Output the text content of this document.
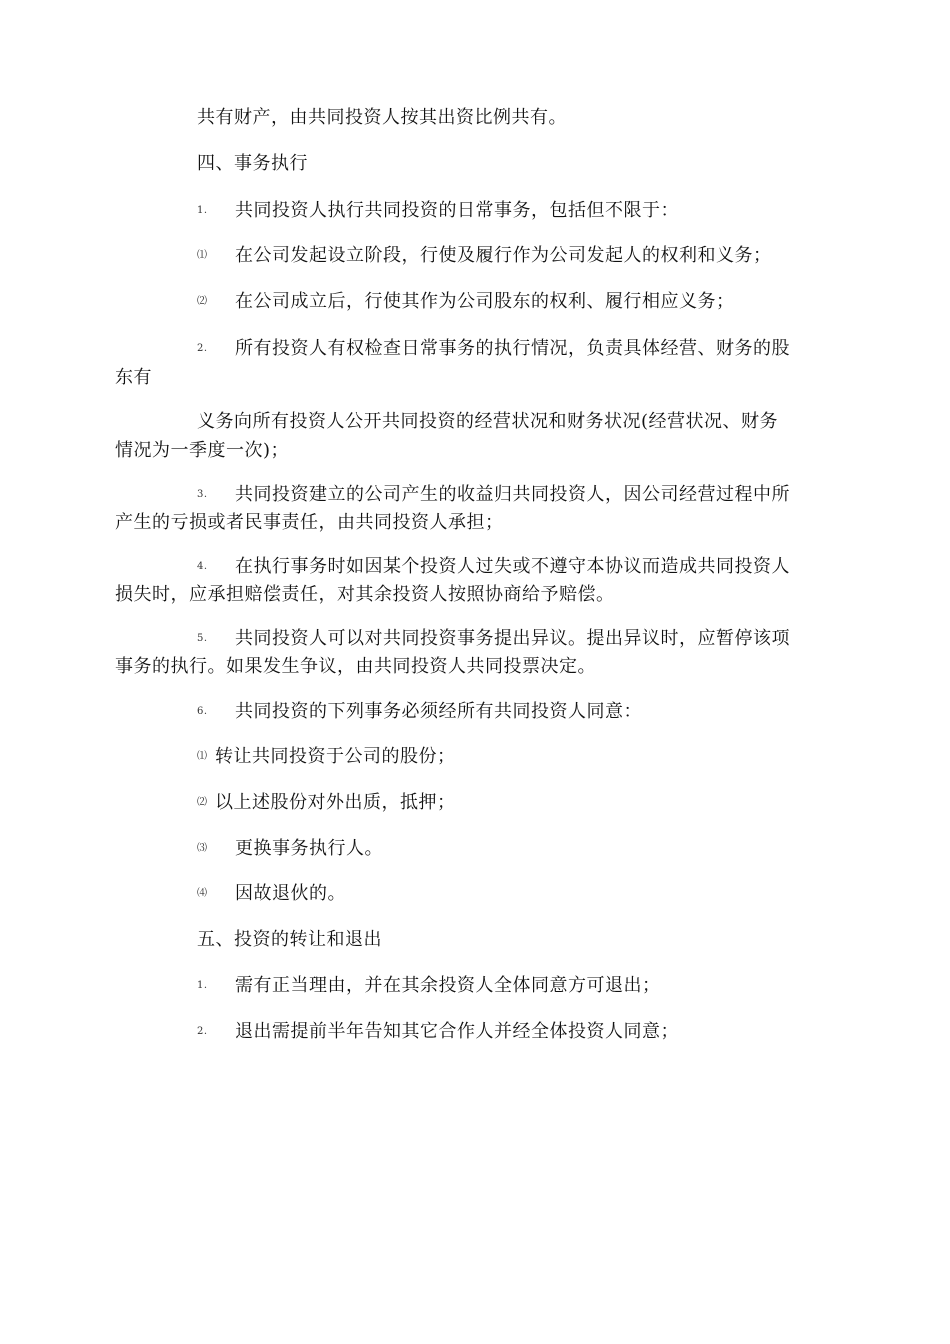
共有财产，由共同投资人按其出资比例共有。
四、事务执行
1. 共同投资人执行共同投资的日常事务，包括但不限于：
⑴ 在公司发起设立阶段，行使及履行作为公司发起人的权利和义务；
⑵ 在公司成立后，行使其作为公司股东的权利、履行相应义务；
2. 所有投资人有权检查日常事务的执行情况，负责具体经营、财务的股
东有
义务向所有投资人公开共同投资的经营状况和财务状况(经营状况、财务
情况为一季度一次)；
3. 共同投资建立的公司产生的收益归共同投资人，因公司经营过程中所
产生的亏损或者民事责任，由共同投资人承担；
4. 在执行事务时如因某个投资人过失或不遵守本协议而造成共同投资人
损失时，应承担赔偿责任，对其余投资人按照协商给予赔偿。
5. 共同投资人可以对共同投资事务提出异议。提出异议时，应暂停该项
事务的执行。如果发生争议，由共同投资人共同投票决定。
6. 共同投资的下列事务必须经所有共同投资人同意：
⑴ 转让共同投资于公司的股份；
⑵ 以上述股份对外出质，抵押；
⑶ 更换事务执行人。
⑷ 因故退伙的。
五、投资的转让和退出
1. 需有正当理由，并在其余投资人全体同意方可退出；
2. 退出需提前半年告知其它合作人并经全体投资人同意；
